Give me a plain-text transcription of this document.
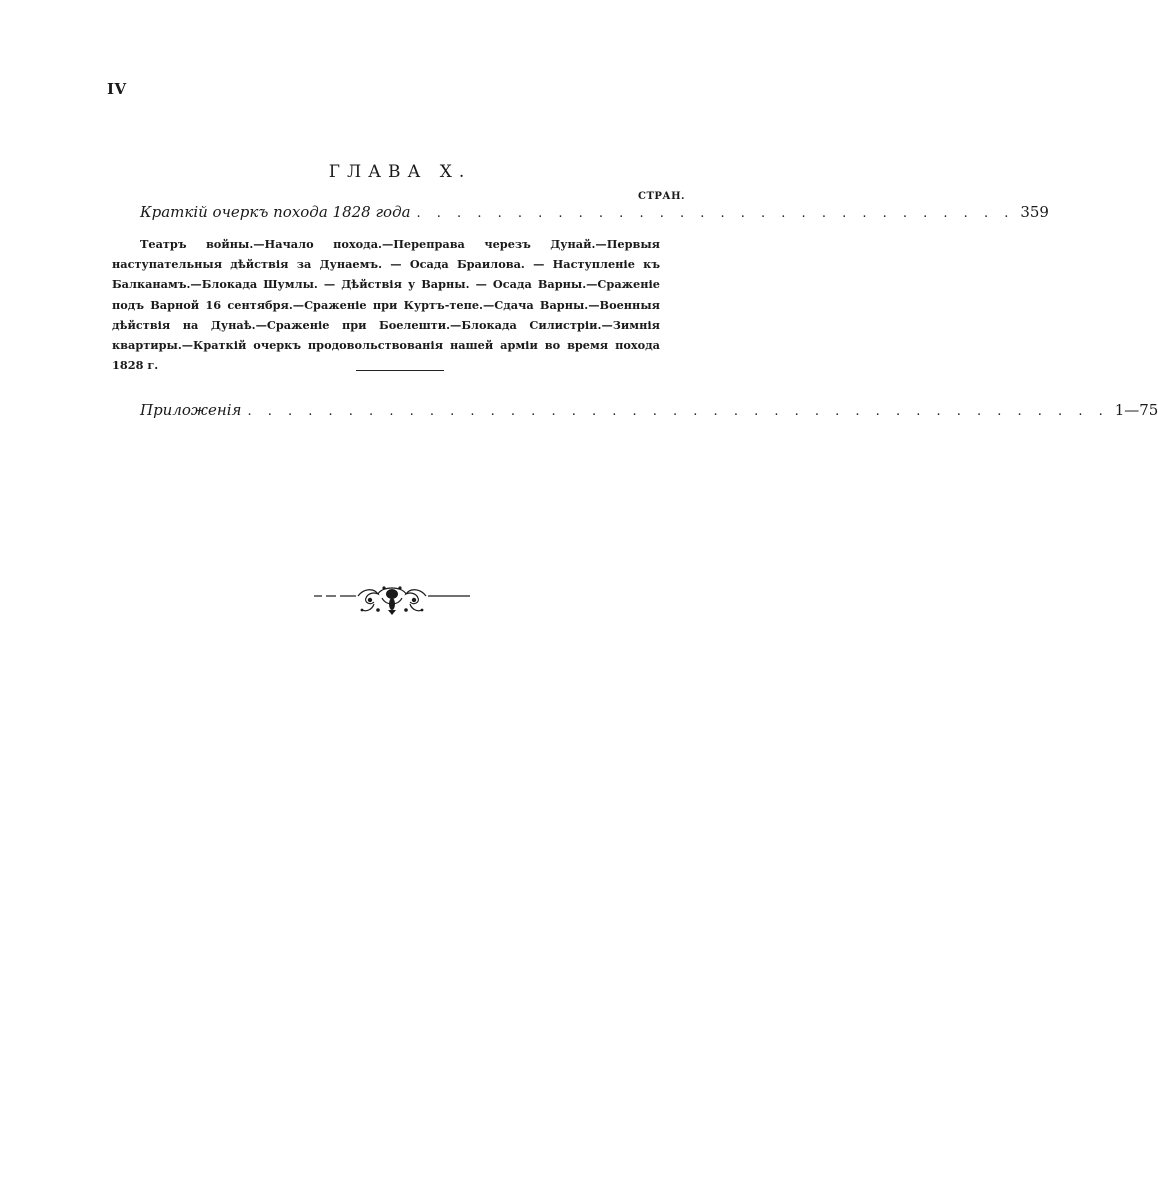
IV
ГЛАВА X.
СТРАН.
Краткій очеркъ похода 1828 года . . . . . . . . . . . . . . . . . . . . . . . . . . . . . . 359

Театръ войны.—Начало похода.—Переправа черезъ Дунай.—Первыя наступательныя дѣйствія за Дунаемъ. — Осада Браилова. — Наступленіе къ Балканамъ.—Блокада Шумлы. — Дѣйствія у Варны. — Осада Варны.—Сраженіе подъ Варной 16 сентября.—Сраженіе при Куртъ-тепе.—Сдача Варны.—Военныя дѣйствія на Дунаѣ.—Сраженіе при Боелешти.—Блокада Силистріи.—Зимнія квартиры.—Краткій очеркъ продовольствованія нашей арміи во время похода 1828 г.

Приложенія . . . . . . . . . . . . . . . . . . . . . . . . . . . . . . . . . . . . . . . . . . . 1—75
